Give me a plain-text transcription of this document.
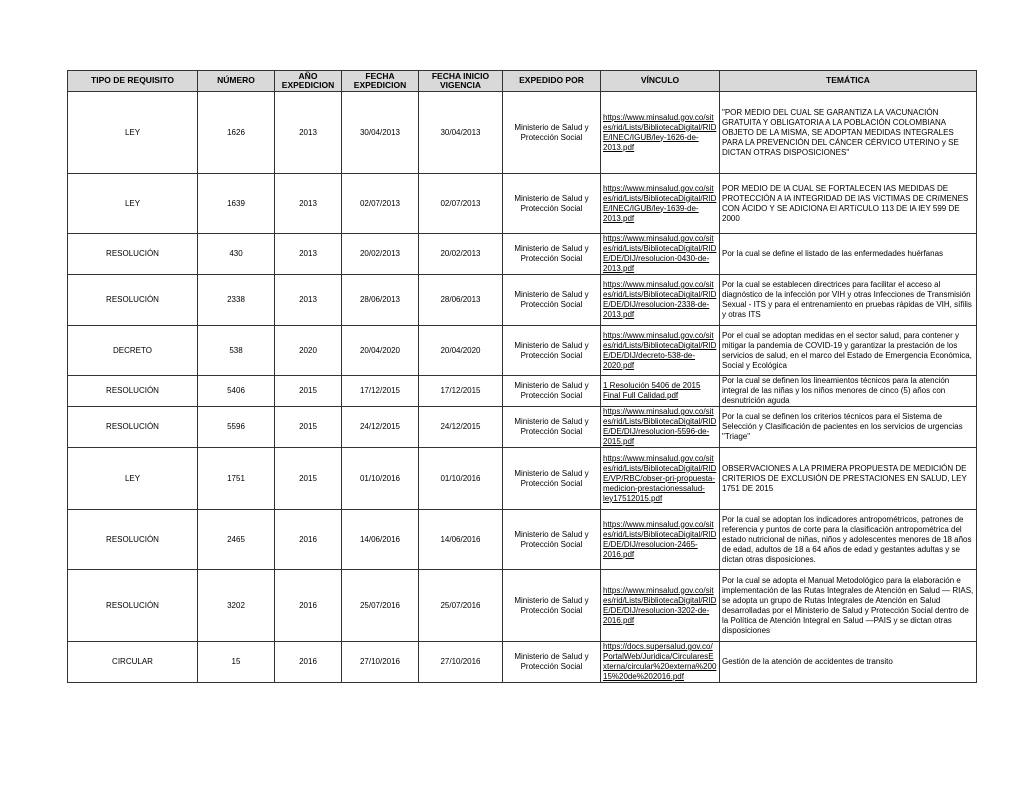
TIPO DE REQUISITO	NÚMERO	AÑO EXPEDICION	FECHA EXPEDICION	FECHA INICIO VIGENCIA	EXPEDIDO POR	VÍNCULO	TEMÁTICA
LEY	1626	2013	30/04/2013	30/04/2013	Ministerio de Salud y Protección Social	https://www.minsalud.gov.co/sites/rid/Lists/BibliotecaDigital/RIDE/INEC/IGUB/ley-1626-de-2013.pdf	"POR MEDIO DEL CUAL SE GARANTIZA LA VACUNACIÓN GRATUITA Y OBLIGATORIA A LA POBLACIÓN COLOMBIANA OBJETO DE LA MISMA, SE ADOPTAN MEDIDAS INTEGRALES PARA LA PREVENCIÓN DEL CÁNCER CÉRVICO UTERINO y SE DICTAN OTRAS DISPOSICIONES"
LEY	1639	2013	02/07/2013	02/07/2013	Ministerio de Salud y Protección Social	https://www.minsalud.gov.co/sites/rid/Lists/BibliotecaDigital/RIDE/INEC/IGUB/ley-1639-de-2013.pdf	POR MEDIO DE lA CUAL SE FORTALECEN lAS MEDIDAS DE PROTECCIÓN A lA INTEGRIDAD DE lAS VíCTIMAS DE CRíMENES CON ÁCIDO Y SE ADICIONA El ARTíCULO 113 DE lA lEY 599 DE 2000
RESOLUCIÓN	430	2013	20/02/2013	20/02/2013	Ministerio de Salud y Protección Social	https://www.minsalud.gov.co/sites/rid/Lists/BibliotecaDigital/RIDE/DE/DIJ/resolucion-0430-de-2013.pdf	Por la cual se define el listado de las enfermedades huérfanas
RESOLUCIÓN	2338	2013	28/06/2013	28/06/2013	Ministerio de Salud y Protección Social	https://www.minsalud.gov.co/sites/rid/Lists/BibliotecaDigital/RIDE/DE/DIJ/resolucion-2338-de-2013.pdf	Por la cual se establecen directrices para facilitar el acceso al diagnóstico de la infección por VIH y otras Infecciones de Transmisión Sexual - ITS y para el entrenamiento en pruebas rápidas de VIH, sífilis y otras ITS
DECRETO	538	2020	20/04/2020	20/04/2020	Ministerio de Salud y Protección Social	https://www.minsalud.gov.co/sites/rid/Lists/BibliotecaDigital/RIDE/DE/DIJ/decreto-538-de-2020.pdf	Por el cual se adoptan medidas en el sector salud, para contener y mitigar la pandemia de COVID-19 y garantizar la prestación de los servicios de salud, en el marco del Estado de Emergencia Económica, Social y Ecológica
RESOLUCIÓN	5406	2015	17/12/2015	17/12/2015	Ministerio de Salud y Protección Social	1 Resolución 5406 de 2015 Final Full Calidad.pdf	Por la cual se definen los lineamientos técnicos para la atención integral de las niñas y los niños menores de cinco (5) años con desnutrición aguda
RESOLUCIÓN	5596	2015	24/12/2015	24/12/2015	Ministerio de Salud y Protección Social	https://www.minsalud.gov.co/sites/rid/Lists/BibliotecaDigital/RIDE/DE/DIJ/resolucion-5596-de-2015.pdf	Por la cual se definen los criterios técnicos para el Sistema de Selección y Clasificación de pacientes en los servicios de urgencias "Triage"
LEY	1751	2015	01/10/2016	01/10/2016	Ministerio de Salud y Protección Social	https://www.minsalud.gov.co/sites/rid/Lists/BibliotecaDigital/RIDE/VP/RBC/obser-pri-propuesta-medicion-prestacionessalud-ley17512015.pdf	OBSERVACIONES A LA PRIMERA PROPUESTA DE MEDICIÓN DE CRITERIOS DE EXCLUSIÓN DE PRESTACIONES EN SALUD, LEY 1751 DE 2015
RESOLUCIÓN	2465	2016	14/06/2016	14/06/2016	Ministerio de Salud y Protección Social	https://www.minsalud.gov.co/sites/rid/Lists/BibliotecaDigital/RIDE/DE/DIJ/resolucion-2465-2016.pdf	Por la cual se adoptan los indicadores antropométricos, patrones de referencia y puntos de corte para la clasificación antropométrica del estado nutricional de niñas, niños y adolescentes menores de 18 años de edad, adultos de 18 a 64 años de edad y gestantes adultas y se dictan otras disposiciones.
RESOLUCIÓN	3202	2016	25/07/2016	25/07/2016	Ministerio de Salud y Protección Social	https://www.minsalud.gov.co/sites/rid/Lists/BibliotecaDigital/RIDE/DE/DIJ/resolucion-3202-de-2016.pdf	Por la cual se adopta el Manual Metodológico para la elaboración e implementación de las Rutas Integrales de Atención en Salud — RIAS, se adopta un grupo de Rutas Integrales de Atención en Salud desarrolladas por el Ministerio de Salud y Protección Social dentro de la Política de Atención Integral en Salud —PAIS y se dictan otras disposiciones
CIRCULAR	15	2016	27/10/2016	27/10/2016	Ministerio de Salud y Protección Social	https://docs.supersalud.gov.co/PortalWeb/Juridica/CircularesExterna/circular%20externa%20015%20de%202016.pdf	Gestión de la atención de accidentes de transito
